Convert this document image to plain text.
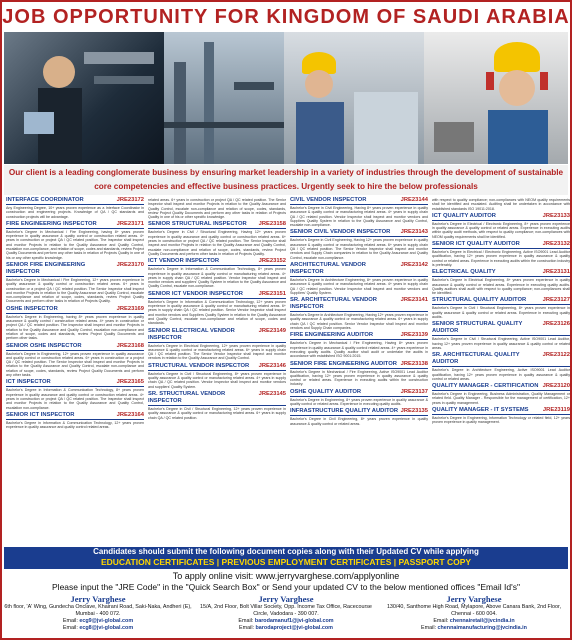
JOB OPPORTUNITY FOR KINGDOM OF SAUDI ARABIA
Our client is a leading conglomerate business by ensuring market leadership in a variety of industries through the development of sustainable core competencies and effective business practices. Urgently seek to hire the below professionals
INTERFACE COORDINATOR	JRE23172
Any Engineering Degree, 10+ years proven experience as a Interface Coordinator in construction and engineering projects. Knowledge of QA / QC standards and construction projects will be advantage.
FIRE ENGINEERING INSPECTOR	JRE23171
Bachelor's Degree in Mechanical / Fire Engineering, having 8+ years proven experience in quality assurance & quality control or construction related areas. 4+ years in construction or project QA / QC related position. The Inspector shall inspect and monitor Projects in relation to the Quality Assurance and Quality Control, escalation non-compliance, and relation of scope, codes and standards, review Project Quality Documents and perform any other tasks in relation of Projects Quality in one of his or any other specific knowledge.
SENIOR FIRE ENGINEERING INSPECTOR
JRE23170
Bachelor's Degree in Mechanical / Fire Engineering, 12+ years proven experience in quality assurance & quality control or construction related areas. 6+ years in construction or a project QA / QC related position. The Senior Inspector shall inspect and monitor Projects in relation to the Quality Assurance and Quality Control, escalate non-compliance and relation of scope, codes, standards, review Project Quality Documents and perform other tasks in relation of Projects Quality.
OSHE INSPECTOR	JRE23169
Bachelor's Degree in Engineering, having 8+ years proven experience in quality assurance & quality control / construction related areas. 4+ years in construction or project QA / QC related position. The Inspector shall inspect and monitor Projects in relation to the Quality Assurance and Quality Control, escalation non-compliance and relation of scope, codes and standards, review Project Quality Documents and perform other tasks.
SENIOR OSHE INSPECTOR	JRE23168
Bachelor's Degree in Engineering, 12+ years proven experience in quality assurance and quality control or construction related areas. 6+ years in construction or a project QA / QC related position. The Senior Inspector shall inspect and monitor Projects in relation to the Quality Assurance and Quality Control, escalate non-compliance and relation of scope, codes, standards, review Project Quality Documents and perform any other tasks.
ICT INSPECTOR	JRE23165
Bachelor's Degree in Information & Communication Technology, 8+ years proven experience in quality assurance and quality control or construction related areas. 4+ years in construction or project QA / QC related position. The Inspector shall inspect and monitor Projects in relation to the Quality Assurance and Quality Control, escalation non-compliance.
SENIOR ICT INSPECTOR	JRE23164
Bachelor's Degree in Information & Communication Technology, 12+ years proven experience in quality assurance and quality control related areas.
related areas. 6+ years in construction or project QA / QC related position. The Senior Inspector shall inspect and monitor Projects in relation to the Quality Assurance and Quality Control, escalate non-compliance and relation of scope, codes, standards, review Project Quality Documents and perform any other tasks in relation of Projects Quality in one of his or other specific knowledge.
SENIOR STRUCTURAL INSPECTOR JRE23158
Bachelor's Degree in Civil / Structural Engineering, Having 12+ years proven experience in quality assurance and quality control or construction related areas. 6+ years in construction or project QA / QC related position. The Senior Inspector shall inspect and monitor Projects in relation to the Quality Assurance and Quality Control, escalate non-compliance and relation of scope, codes, standards, review Project Quality Documents and perform other tasks in relation of Projects Quality.
ICT VENDOR INSPECTOR	JRE23152
Bachelor's Degree in Information & Communication Technology, 8+ years proven experience in quality assurance & quality control or manufacturing related areas. 4+ years in supply chain QA / QC related position. Vendor Inspector shall inspect and monitor vendors and suppliers' Quality System in relation to the Quality Assurance and Quality Control, escalate non-compliance.
SENIOR ICT VENDOR INSPECTOR	JRE23151
Bachelor's Degree in Information & Communication Technology, 12+ years proven experience in quality assurance & quality control or manufacturing related areas. 6+ years in supply chain QA / QC related position. Senior Vendor Inspector shall inspect and monitor vendors and Suppliers Quality System in relation to the Quality Assurance and Quality Control, escalate non-compliance and relation of scope, codes and standards.
SENIOR ELECTRICAL VENDOR INSPECTOR
JRE23149
Bachelor's Degree in Electrical Engineering, 12+ years proven experience in quality assurance & quality control or manufacturing related areas. 6+ years in supply chain QA / QC related position. The Senior Vendor Inspector shall inspect and monitor vendors in relation to the Quality Assurance and Quality Control.
STRUCTURAL VENDOR INSPECTOR JRE23146
Bachelor's Degree in Civil / Structural Engineering, 8+ years proven experience in quality assurance & quality control or manufacturing related areas. 4+ years in supply chain QA / QC related position. Vendor Inspector shall inspect and monitor vendors and suppliers' Quality System.
SR. STRUCTURAL VENDOR INSPECTOR
JRE23145
Bachelor's Degree in Civil / Structural Engineering, 12+ years proven experience in quality assurance & quality control or manufacturing related areas. 6+ years in supply chain QA / QC related position.
CIVIL VENDOR INSPECTOR	JRE23144
Bachelor's Degree in Civil Engineering, Having 8+ years proven experience in quality assurance & quality control or manufacturing related areas. 4+ years in supply chain QA / QC related position. Vendor Inspector shall inspect and monitor vendors and Suppliers Quality System in relation to the Quality Assurance and Quality Control, escalate non-compliance.
SENIOR CIVIL VENDOR INSPECTOR JRE23143
Bachelor's Degree in Civil Engineering, Having 12+ years proven experience in quality assurance & quality control or manufacturing related areas. 6+ years in supply chain QA / QC related position. The Senior Vendor Inspector shall inspect and monitor vendors and Supply Chain companies in relation to the Quality Assurance and Quality Control, escalate non-compliance.
ARCHITECTURAL VENDOR INSPECTOR
JRE23142
Bachelor's Degree in Architecture Engineering, 8+ years proven experience in quality assurance & quality control or manufacturing related areas. 4+ years in supply chain QA / QC related position. Vendor Inspector shall inspect and monitor vendors and Suppliers' Quality System.
SR. ARCHITECTURAL VENDOR INSPECTOR
JRE23141
Bachelor's Degree in Architecture Engineering, Having 12+ years proven experience in quality assurance & quality control or manufacturing related areas. 6+ years in supply chain QA / QC related position. Senior Vendor Inspector shall inspect and monitor vendors and Supply Chain companies.
FIRE ENGINEERING AUDITOR	JRE23139
Bachelor's Degree in Mechanical / Fire Engineering, Having 8+ years proven experience in quality assurance & quality control related areas. 4+ years experience in executing quality audits. Quality auditor shall audit or undertake the audits in accordance with established ISO 9001:2015.
SENIOR FIRE ENGINEERING AUDITOR JRE23138
Bachelor's Degree in Mechanical / Fire Engineering, Active ISO9001 Lead Auditor qualification, having 12+ years proven experience in quality assurance & quality control or related areas. Experience in executing audits within the construction industry.
OSHE QUALITY AUDITOR	JRE23137
Bachelor's Degree in Engineering, 8+ years proven experience in quality assurance & quality control or related areas. Experience in executing quality audits.
INFRASTRUCTURE QUALITY AUDITOR JRE23135
Bachelor's Degree in Civil Engineering, 8+ years proven experience in quality assurance & quality control or related areas.
with respect to quality compliance; non-compliances with NEOM quality requirements shall be identified and escalated. Auditing shall be undertaken in accordance with established standards ISO 19011:2018.
ICT QUALITY AUDITOR	JRE23133
Bachelor's Degree in Electrical / Electronic Engineering, 8+ years proven experience in quality assurance & quality control or related areas. Experience in executing audits within quality audit methods, with respect to quality compliance; non-compliances with NEOM quality requirements shall be identified.
SENIOR ICT QUALITY AUDITOR	JRE23132
Bachelor's Degree in Electrical / Electronic Engineering, Active ISO9001 Lead Auditor qualification, having 12+ years proven experience in quality assurance & quality control or related areas. Experience in executing audits within the construction industry is preferably.
ELECTRICAL QUALITY	JRE23131
Bachelor's Degree in Electrical Engineering, 8+ years proven experience in quality assurance & quality control or related areas. Experience in executing quality audits. Quality auditors shall audit with respect to quality compliance; non-compliances shall be identified.
STRUCTURAL QUALITY AUDITOR	JRE23127
Bachelor's Degree in Civil / Structural Engineering, 8+ years proven experience in quality assurance & quality control or related areas. Experience in executing quality audits.
SENIOR STRUCTURAL QUALITY AUDITOR
JRE23126
Bachelor's Degree in Civil / Structural Engineering, Active ISO9001 Lead Auditor, having 12+ years proven experience in quality assurance & quality control or related areas.
SR. ARCHITECTURAL QUALITY AUDITOR
JRE23122
Bachelor's Degree in Architecture Engineering, Active ISO9001 Lead Auditor qualification, having 12+ years proven experience in quality assurance & quality control or related areas.
QUALITY MANAGER - CERTIFICATION JRE23120
Bachelor's Degree in Engineering, Business Administration, Quality Management or related field. Quality Manager - Responsible for the management of certification, 12+ years in quality management.
QUALITY MANAGER - IT SYSTEMS JRE23119
Bachelor's Degree in Engineering, Information Technology or related field, 12+ years proven experience in quality management.
Candidates should submit the following document copies along with their Updated CV while applying
EDUCATION CERTIFICATES | PREVIOUS EMPLOYMENT CERTIFICATES | PASSPORT COPY
To apply online visit: www.jerryvarghese.com/applyonline
Please input the "JRE Code" in the "Quick Search Box" or Send your updated CV to the below mentioned offices "Email Id's"
Jerry Varghese
6th floor, 'A' Wing, Gundecha Onclave, Khairani Road, Saki-Naka, Andheri (E), Mumbai - 400 072.
Email: ecg9@jvi-global.com
Email: ecg8@jvi-global.com
Jerry Varghese
15/A, 2nd Floor, Bolt Villar Society, Opp. Income Tax Office, Racecourse Circle, Vadodara - 390 007.
Email: barodamanuf1@jvi-global.com
Email: barodaproject@jvi-global.com
Jerry Varghese
130/40, Santhome High Road, Mylapore, Above Canara Bank, 2nd Floor, Chennai - 600 004.
Email: chennairetail@jvcindia.in
Email: chennaimanufacturing@jvcindia.in
